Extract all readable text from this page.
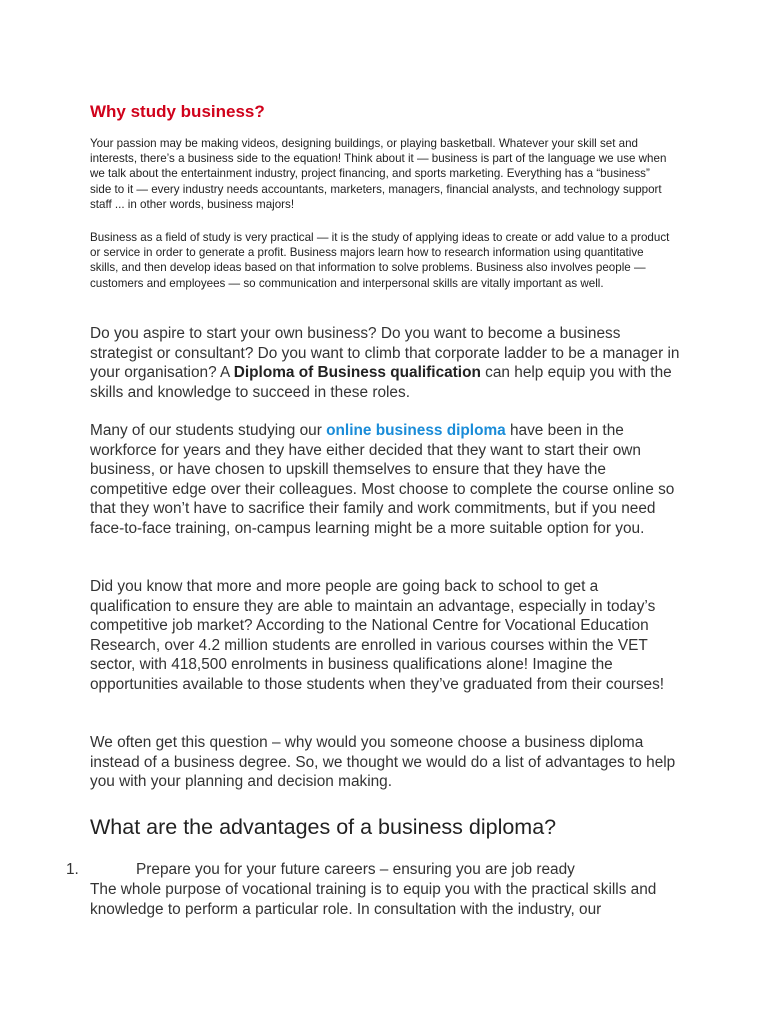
Why study business?

Your passion may be making videos, designing buildings, or playing basketball. Whatever your skill set and interests, there’s a business side to the equation! Think about it — business is part of the language we use when we talk about the entertainment industry, project financing, and sports marketing. Everything has a “business” side to it — every industry needs accountants, marketers, managers, financial analysts, and technology support staff ... in other words, business majors!

Business as a field of study is very practical — it is the study of applying ideas to create or add value to a product or service in order to generate a profit. Business majors learn how to research information using quantitative skills, and then develop ideas based on that information to solve problems. Business also involves people — customers and employees — so communication and interpersonal skills are vitally important as well.

Do you aspire to start your own business? Do you want to become a business strategist or consultant? Do you want to climb that corporate ladder to be a manager in your organisation? A Diploma of Business qualification can help equip you with the skills and knowledge to succeed in these roles.

Many of our students studying our online business diploma have been in the workforce for years and they have either decided that they want to start their own business, or have chosen to upskill themselves to ensure that they have the competitive edge over their colleagues. Most choose to complete the course online so that they won’t have to sacrifice their family and work commitments, but if you need face-to-face training, on-campus learning might be a more suitable option for you.

Did you know that more and more people are going back to school to get a qualification to ensure they are able to maintain an advantage, especially in today’s competitive job market? According to the National Centre for Vocational Education Research, over 4.2 million students are enrolled in various courses within the VET sector, with 418,500 enrolments in business qualifications alone! Imagine the opportunities available to those students when they’ve graduated from their courses!

We often get this question – why would you someone choose a business diploma instead of a business degree. So, we thought we would do a list of advantages to help you with your planning and decision making.

What are the advantages of a business diploma?
1.	Prepare you for your future careers – ensuring you are job ready

The whole purpose of vocational training is to equip you with the practical skills and knowledge to perform a particular role. In consultation with the industry, our
